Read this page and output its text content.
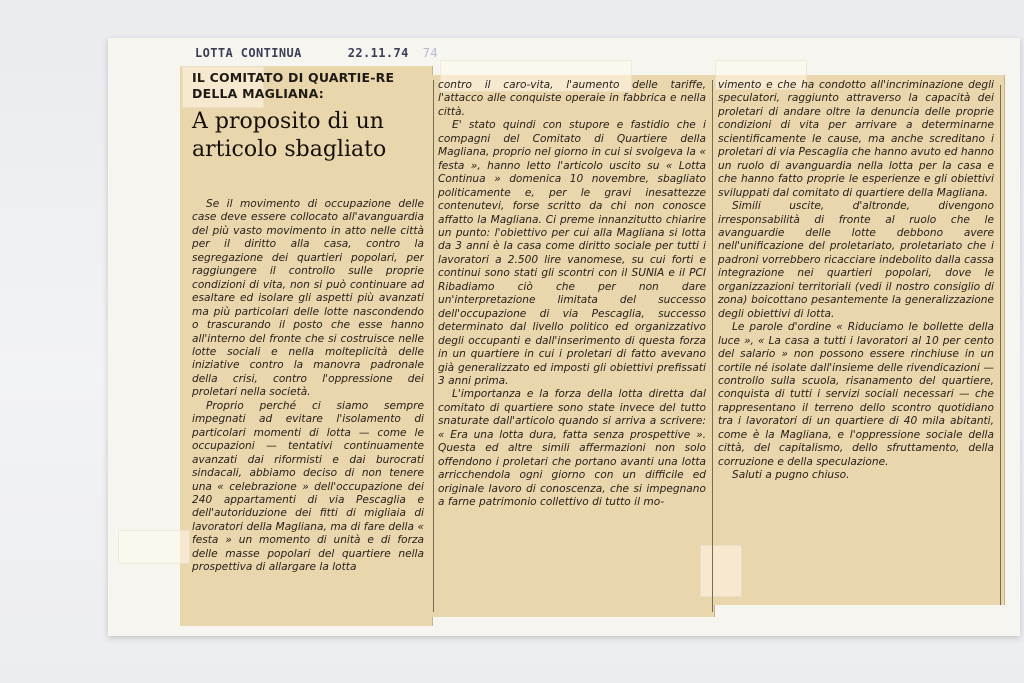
LOTTA CONTINUA	22.11.74 74
IL COMITATO DI QUARTIE-RE DELLA MAGLIANA:
A proposito di un articolo sbagliato

Se il movimento di occupazione delle case deve essere collocato all'avanguardia del più vasto movimento in atto nelle città per il diritto alla casa, contro la segregazione dei quartieri popolari, per raggiungere il controllo sulle proprie condizioni di vita, non si può continuare ad esaltare ed isolare gli aspetti più avanzati ma più particolari delle lotte nascondendo o trascurando il posto che esse hanno all'interno del fronte che si costruisce nelle lotte sociali e nella molteplicità delle iniziative contro la manovra padronale della crisi, contro l'oppressione dei proletari nella società.

Proprio perché ci siamo sempre impegnati ad evitare l'isolamento di particolari momenti di lotta — come le occupazioni — tentativi continuamente avanzati dai riformisti e dai burocrati sindacali, abbiamo deciso di non tenere una « celebrazione » dell'occupazione dei 240 appartamenti di via Pescaglia e dell'autoriduzione dei fitti di migliaia di lavoratori della Magliana, ma di fare della « festa » un momento di unità e di forza delle masse popolari del quartiere nella prospettiva di allargare la lotta

contro il caro-vita, l'aumento delle tariffe, l'attacco alle conquiste operaie in fabbrica e nella città.

E' stato quindi con stupore e fastidio che i compagni del Comitato di Quartiere della Magliana, proprio nel giorno in cui si svolgeva la « festa », hanno letto l'articolo uscito su « Lotta Continua » domenica 10 novembre, sbagliato politicamente e, per le gravi inesattezze contenutevi, forse scritto da chi non conosce affatto la Magliana. Ci preme innanzitutto chiarire un punto: l'obiettivo per cui alla Magliana si lotta da 3 anni è la casa come diritto sociale per tutti i lavoratori a 2.500 lire vanomese, su cui forti e continui sono stati gli scontri con il SUNIA e il PCI Ribadiamo ciò che per non dare un'interpretazione limitata del successo dell'occupazione di via Pescaglia, successo determinato dal livello politico ed organizzativo degli occupanti e dall'inserimento di questa forza in un quartiere in cui i proletari di fatto avevano già generalizzato ed imposti gli obiettivi prefissati 3 anni prima.

L'importanza e la forza della lotta diretta dal comitato di quartiere sono state invece del tutto snaturate dall'articolo quando si arriva a scrivere: « Era una lotta dura, fatta senza prospettive ». Questa ed altre simili affermazioni non solo offendono i proletari che portano avanti una lotta arricchendola ogni giorno con un difficile ed originale lavoro di conoscenza, che si impegnano a farne patrimonio collettivo di tutto il mo-

vimento e che ha condotto all'incriminazione degli speculatori, raggiunto attraverso la capacità dei proletari di andare oltre la denuncia delle proprie condizioni di vita per arrivare a determinarne scientificamente le cause, ma anche screditano i proletari di via Pescaglia che hanno avuto ed hanno un ruolo di avanguardia nella lotta per la casa e che hanno fatto proprie le esperienze e gli obiettivi sviluppati dal comitato di quartiere della Magliana.

Simili uscite, d'altronde, divengono irresponsabilità di fronte al ruolo che le avanguardie delle lotte debbono avere nell'unificazione del proletariato, proletariato che i padroni vorrebbero ricacciare indebolito dalla cassa integrazione nei quartieri popolari, dove le organizzazioni territoriali (vedi il nostro consiglio di zona) boicottano pesantemente la generalizzazione degli obiettivi di lotta.

Le parole d'ordine « Riduciamo le bollette della luce », « La casa a tutti i lavoratori al 10 per cento del salario » non possono essere rinchiuse in un cortile né isolate dall'insieme delle rivendicazioni — controllo sulla scuola, risanamento del quartiere, conquista di tutti i servizi sociali necessari — che rappresentano il terreno dello scontro quotidiano tra i lavoratori di un quartiere di 40 mila abitanti, come è la Magliana, e l'oppressione sociale della città, del capitalismo, dello sfruttamento, della corruzione e della speculazione.

Saluti a pugno chiuso.
